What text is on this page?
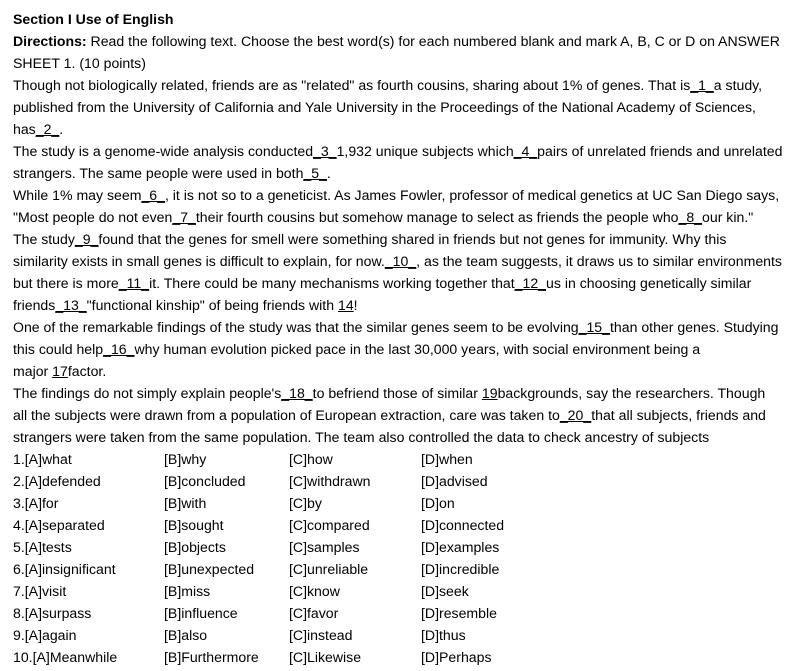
Section I Use of English
Directions: Read the following text. Choose the best word(s) for each numbered blank and mark A, B, C or D on ANSWER
SHEET 1. (10 points)
Though not biologically related, friends are as "related" as fourth cousins, sharing about 1% of genes. That is_1_a study,
published from the University of California and Yale University in the Proceedings of the National Academy of Sciences,
has_2_.
The study is a genome-wide analysis conducted_3_1,932 unique subjects which_4_pairs of unrelated friends and unrelated
strangers. The same people were used in both_5_.
While 1% may seem_6_, it is not so to a geneticist. As James Fowler, professor of medical genetics at UC San Diego says,
"Most people do not even_7_their fourth cousins but somehow manage to select as friends the people who_8_our kin."
The study_9_found that the genes for smell were something shared in friends but not genes for immunity. Why this
similarity exists in small genes is difficult to explain, for now._10_, as the team suggests, it draws us to similar environments
but there is more_11_it. There could be many mechanisms working together that_12_us in choosing genetically similar
friends_13_"functional kinship" of being friends with 14!
One of the remarkable findings of the study was that the similar genes seem to be evolving_15_than other genes. Studying
this could help_16_why human evolution picked pace in the last 30,000 years, with social environment being a
major 17factor.
The findings do not simply explain people's_18_to befriend those of similar 19backgrounds, say the researchers. Though
all the subjects were drawn from a population of European extraction, care was taken to_20_that all subjects, friends and
strangers were taken from the same population. The team also controlled the data to check ancestry of subjects
1.[A]what	[B]why	[C]how	[D]when
2.[A]defended	[B]concluded	[C]withdrawn	[D]advised
3.[A]for	[B]with	[C]by	[D]on
4.[A]separated	[B]sought	[C]compared	[D]connected
5.[A]tests	[B]objects	[C]samples	[D]examples
6.[A]insignificant	[B]unexpected	[C]unreliable	[D]incredible
7.[A]visit	[B]miss	[C]know	[D]seek
8.[A]surpass	[B]influence	[C]favor	[D]resemble
9.[A]again	[B]also	[C]instead	[D]thus
10.[A]Meanwhile	[B]Furthermore	[C]Likewise	[D]Perhaps
